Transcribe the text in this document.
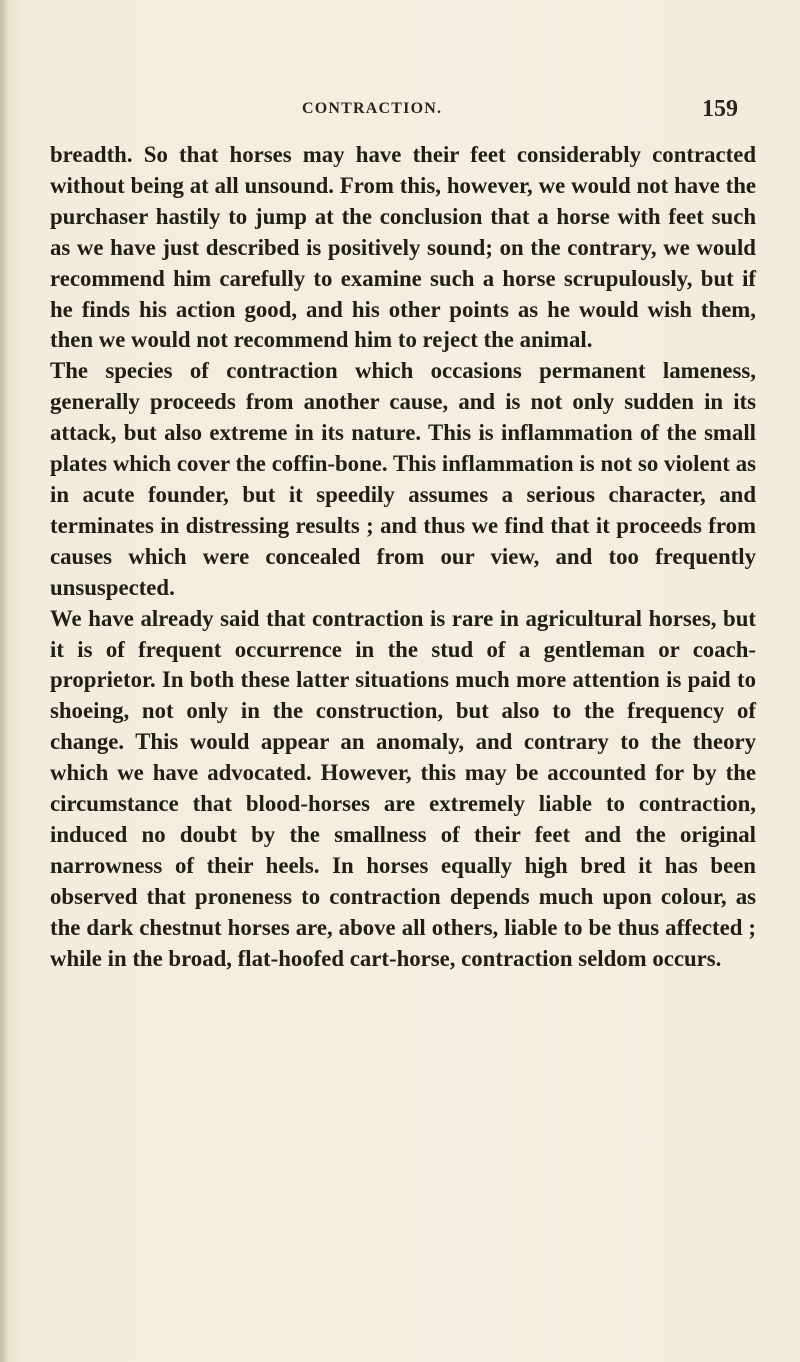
CONTRACTION.	159

breadth. So that horses may have their feet considerably contracted without being at all unsound. From this, however, we would not have the purchaser hastily to jump at the conclusion that a horse with feet such as we have just described is positively sound; on the contrary, we would recommend him carefully to examine such a horse scrupulously, but if he finds his action good, and his other points as he would wish them, then we would not recommend him to reject the animal.

The species of contraction which occasions permanent lameness, generally proceeds from another cause, and is not only sudden in its attack, but also extreme in its nature. This is inflammation of the small plates which cover the coffin-bone. This inflammation is not so violent as in acute founder, but it speedily assumes a serious character, and terminates in distressing results ; and thus we find that it proceeds from causes which were concealed from our view, and too frequently unsuspected.

We have already said that contraction is rare in agricultural horses, but it is of frequent occurrence in the stud of a gentleman or coach-proprietor. In both these latter situations much more attention is paid to shoeing, not only in the construction, but also to the frequency of change. This would appear an anomaly, and contrary to the theory which we have advocated. However, this may be accounted for by the circumstance that blood-horses are extremely liable to contraction, induced no doubt by the smallness of their feet and the original narrowness of their heels. In horses equally high bred it has been observed that proneness to contraction depends much upon colour, as the dark chestnut horses are, above all others, liable to be thus affected ; while in the broad, flat-hoofed cart-horse, contraction seldom occurs.
